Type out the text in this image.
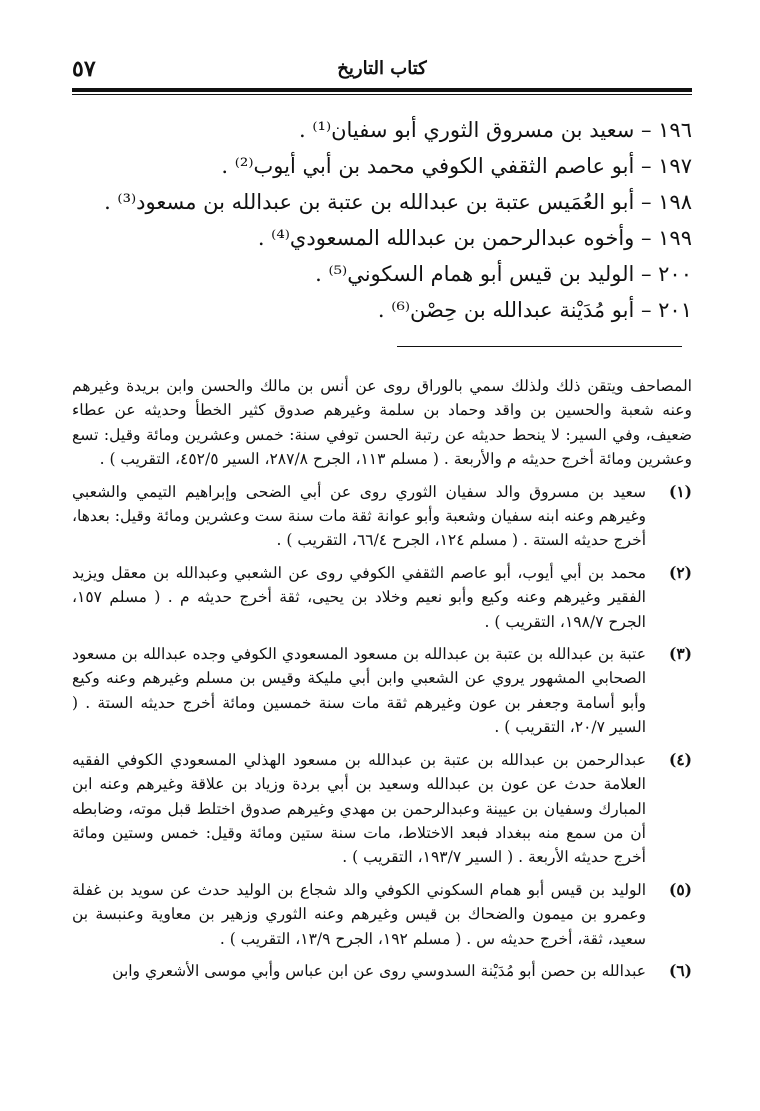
كتاب التاريخ
٥٧
١٩٦ – سعيد بن مسروق الثوري أبو سفيان⁽¹⁾ .
١٩٧ – أبو عاصم الثقفي الكوفي محمد بن أبي أيوب⁽²⁾ .
١٩٨ – أبو العُمَيس عتبة بن عبدالله بن عتبة بن عبدالله بن مسعود⁽³⁾ .
١٩٩ – وأخوه عبدالرحمن بن عبدالله المسعودي⁽⁴⁾ .
٢٠٠ – الوليد بن قيس أبو همام السكوني⁽⁵⁾ .
٢٠١ – أبو مُدَيْنة عبدالله بن حِصْن⁽⁶⁾ .
المصاحف ويتقن ذلك ولذلك سمي بالوراق روى عن أنس بن مالك والحسن وابن بريدة وغيرهم وعنه شعبة والحسين بن واقد وحماد بن سلمة وغيرهم صدوق كثير الخطأ وحديثه عن عطاء ضعيف، وفي السير: لا ينحط حديثه عن رتبة الحسن توفي سنة: خمس وعشرين ومائة وقيل: تسع وعشرين ومائة أخرج حديثه م والأربعة . ( مسلم ١١٣، الجرح ٢٨٧/٨، السير ٤٥٢/٥، التقريب ) .
(١)
سعيد بن مسروق والد سفيان الثوري روى عن أبي الضحى وإبراهيم التيمي والشعبي وغيرهم وعنه ابنه سفيان وشعبة وأبو عوانة ثقة مات سنة ست وعشرين ومائة وقيل: بعدها، أخرج حديثه الستة . ( مسلم ١٢٤، الجرح ٦٦/٤، التقريب ) .
(٢)
محمد بن أبي أيوب، أبو عاصم الثقفي الكوفي روى عن الشعبي وعبدالله بن معقل ويزيد الفقير وغيرهم وعنه وكيع وأبو نعيم وخلاد بن يحيى، ثقة أخرج حديثه م . ( مسلم ١٥٧، الجرح ١٩٨/٧، التقريب ) .
(٣)
عتبة بن عبدالله بن عتبة بن عبدالله بن مسعود المسعودي الكوفي وجده عبدالله بن مسعود الصحابي المشهور يروي عن الشعبي وابن أبي مليكة وقيس بن مسلم وغيرهم وعنه وكيع وأبو أسامة وجعفر بن عون وغيرهم ثقة مات سنة خمسين ومائة أخرج حديثه الستة . ( السير ٢٠/٧، التقريب ) .
(٤)
عبدالرحمن بن عبدالله بن عتبة بن عبدالله بن مسعود الهذلي المسعودي الكوفي الفقيه العلامة حدث عن عون بن عبدالله وسعيد بن أبي بردة وزياد بن علاقة وغيرهم وعنه ابن المبارك وسفيان بن عيينة وعبدالرحمن بن مهدي وغيرهم صدوق اختلط قبل موته، وضابطه أن من سمع منه ببغداد فبعد الاختلاط، مات سنة ستين ومائة وقيل: خمس وستين ومائة أخرج حديثه الأربعة . ( السير ١٩٣/٧، التقريب ) .
(٥)
الوليد بن قيس أبو همام السكوني الكوفي والد شجاع بن الوليد حدث عن سويد بن غفلة وعمرو بن ميمون والضحاك بن قيس وغيرهم وعنه الثوري وزهير بن معاوية وعنبسة بن سعيد، ثقة، أخرج حديثه س . ( مسلم ١٩٢، الجرح ١٣/٩، التقريب ) .
(٦)
عبدالله بن حصن أبو مُدَيْنة السدوسي روى عن ابن عباس وأبي موسى الأشعري وابن
